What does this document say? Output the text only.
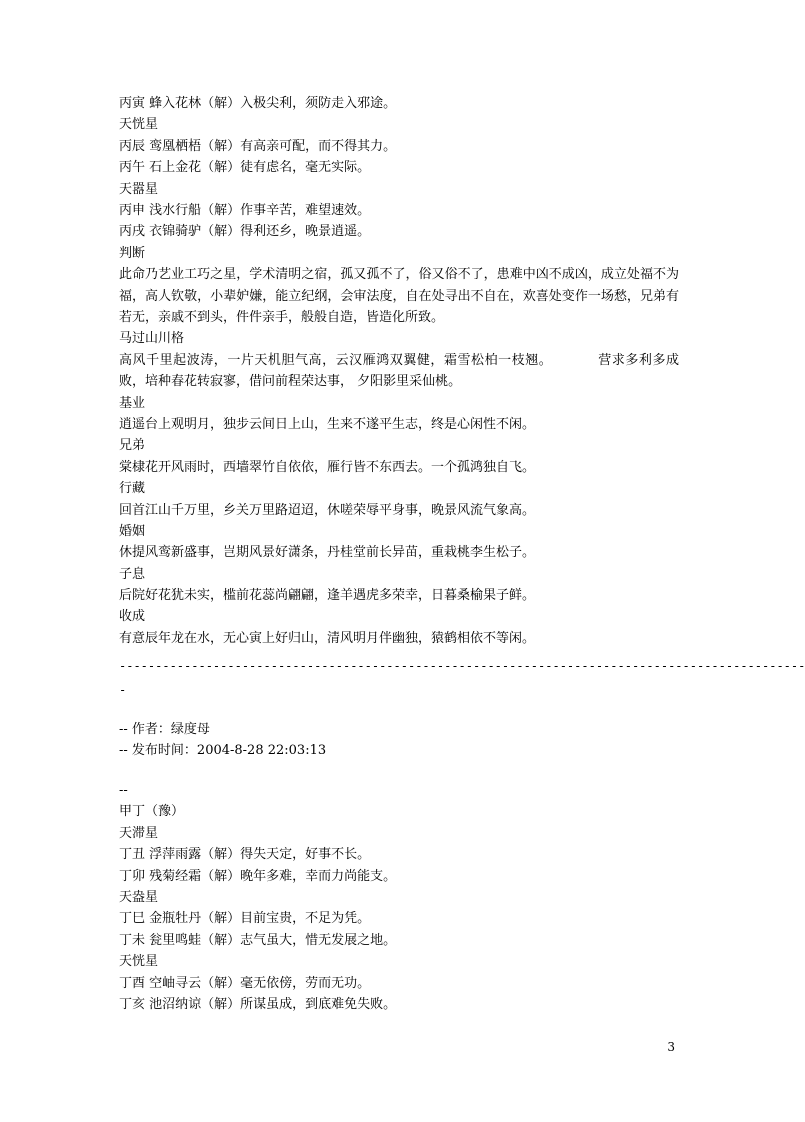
丙寅 蜂入花林（解）入极尖利，须防走入邪途。
天恍星
丙辰 鸾凰栖梧（解）有高亲可配，而不得其力。
丙午 石上金花（解）徒有虑名，毫无实际。
天嚣星
丙申 浅水行船（解）作事辛苦，难望速效。
丙戌 衣锦骑驴（解）得利还乡，晚景逍遥。
判断
此命乃艺业工巧之星，学术清明之宿，孤又孤不了，俗又俗不了，患难中凶不成凶，成立处福不为福，高人钦敬，小辈妒嫌，能立纪纲，会审法度，自在处寻出不自在，欢喜处变作一场愁，兄弟有若无，亲戚不到头，件件亲手，般般自造，皆造化所致。
马过山川格
高风千里起波涛，一片天机胆气高，云汉雁鸿双翼健，霜雪松柏一枝翘。	营求多利多成败，培种春花转寂寥，借问前程荣达事， 夕阳影里采仙桃。
基业
逍遥台上观明月，独步云间日上山，生来不遂平生志，终是心闲性不闲。
兄弟
棠棣花开风雨时，西墙翠竹自依依，雁行皆不东西去。一个孤鸿独自飞。
行藏
回首江山千万里，乡关万里路迢迢，休嗟荣辱平身事，晚景风流气象高。
婚姻
休提风鸾新盛事，岂期风景好潇条，丹桂堂前长异苗，重栽桃李生松子。
子息
后院好花犹未实，槛前花蕊尚翩翩，逢羊遇虎多荣幸，日暮桑榆果子鲜。
收成
有意辰年龙在水，无心寅上好归山，清风明月伴幽独，猿鹤相依不等闲。
-----------------------------------------------------------------------------------------------
-
-- 作者：绿度母
-- 发布时间：2004-8-28 22:03:13
--
甲丁（豫）
天滞星
丁丑 浮萍雨露（解）得失天定，好事不长。
丁卯 残菊经霜（解）晚年多难，幸而力尚能支。
天盎星
丁巳 金瓶牡丹（解）目前宝贵，不足为凭。
丁未 瓮里鸣蛙（解）志气虽大，惜无发展之地。
天恍星
丁酉 空岫寻云（解）毫无依傍，劳而无功。
丁亥 池沼纳谅（解）所谋虽成，到底难免失败。
3
